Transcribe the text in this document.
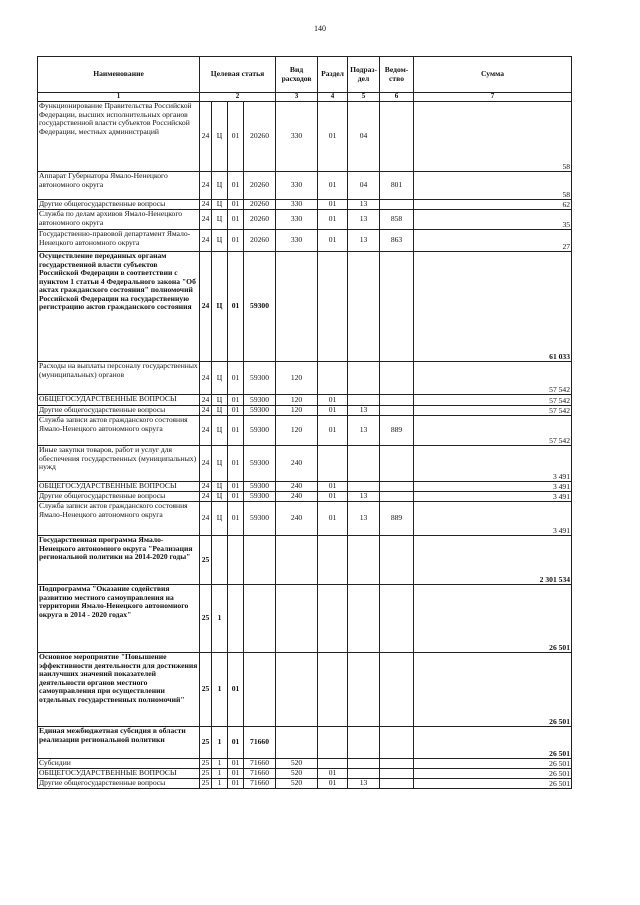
140
Наименование	Целевая статья				Вид расходов	Раздел	Подраз-дел	Ведом-ство	Сумма
1	2				3	4	5	6	7
Функционирование Правительства Российской Федерации, высших исполнительных органов государственной власти субъектов Российской Федерации, местных администраций	24	Ц	01	20260	330	01	04		58
Аппарат Губернатора Ямало-Ненецкого автономного округа	24	Ц	01	20260	330	01	04	801	58
Другие общегосударственные вопросы	24	Ц	01	20260	330	01	13		62
Служба по делам архивов Ямало-Ненецкого автономного округа	24	Ц	01	20260	330	01	13	858	35
Государственно-правовой департамент Ямало-Ненецкого автономного округа	24	Ц	01	20260	330	01	13	863	27
Осуществление переданных органам государственной власти субъектов Российской Федерации в соответствии с пунктом 1 статьи 4 Федерального закона "Об актах гражданского состояния" полномочий Российской Федерации на государственную регистрацию актов гражданского состояния	24	Ц	01	59300					61 033
Расходы на выплаты персоналу государственных (муниципальных) органов	24	Ц	01	59300	120				57 542
ОБЩЕГОСУДАРСТВЕННЫЕ ВОПРОСЫ	24	Ц	01	59300	120	01			57 542
Другие общегосударственные вопросы	24	Ц	01	59300	120	01	13		57 542
Служба записи актов гражданского состояния Ямало-Ненецкого автономного округа	24	Ц	01	59300	120	01	13	889	57 542
Иные закупки товаров, работ и услуг для обеспечения государственных (муниципальных) нужд	24	Ц	01	59300	240				3 491
ОБЩЕГОСУДАРСТВЕННЫЕ ВОПРОСЫ	24	Ц	01	59300	240	01			3 491
Другие общегосударственные вопросы	24	Ц	01	59300	240	01	13		3 491
Служба записи актов гражданского состояния Ямало-Ненецкого автономного округа	24	Ц	01	59300	240	01	13	889	3 491
Государственная программа Ямало-Ненецкого автономного округа "Реализация региональной политики на 2014-2020 годы"	25								2 301 534
Подпрограмма "Оказание содействия развитию местного самоуправления на территории Ямало-Ненецкого автономного округа в 2014 - 2020 годах"	25	1							26 501
Основное мероприятие "Повышение эффективности деятельности для достижения наилучших значений показателей деятельности органов местного самоуправления при осуществлении отдельных государственных полномочий"	25	1	01						26 501
Единая межбюджетная субсидия в области реализации региональной политики	25	1	01	71660					26 501
Субсидии	25	1	01	71660	520				26 501
ОБЩЕГОСУДАРСТВЕННЫЕ ВОПРОСЫ	25	1	01	71660	520	01			26 501
Другие общегосударственные вопросы	25	1	01	71660	520	01	13		26 501
